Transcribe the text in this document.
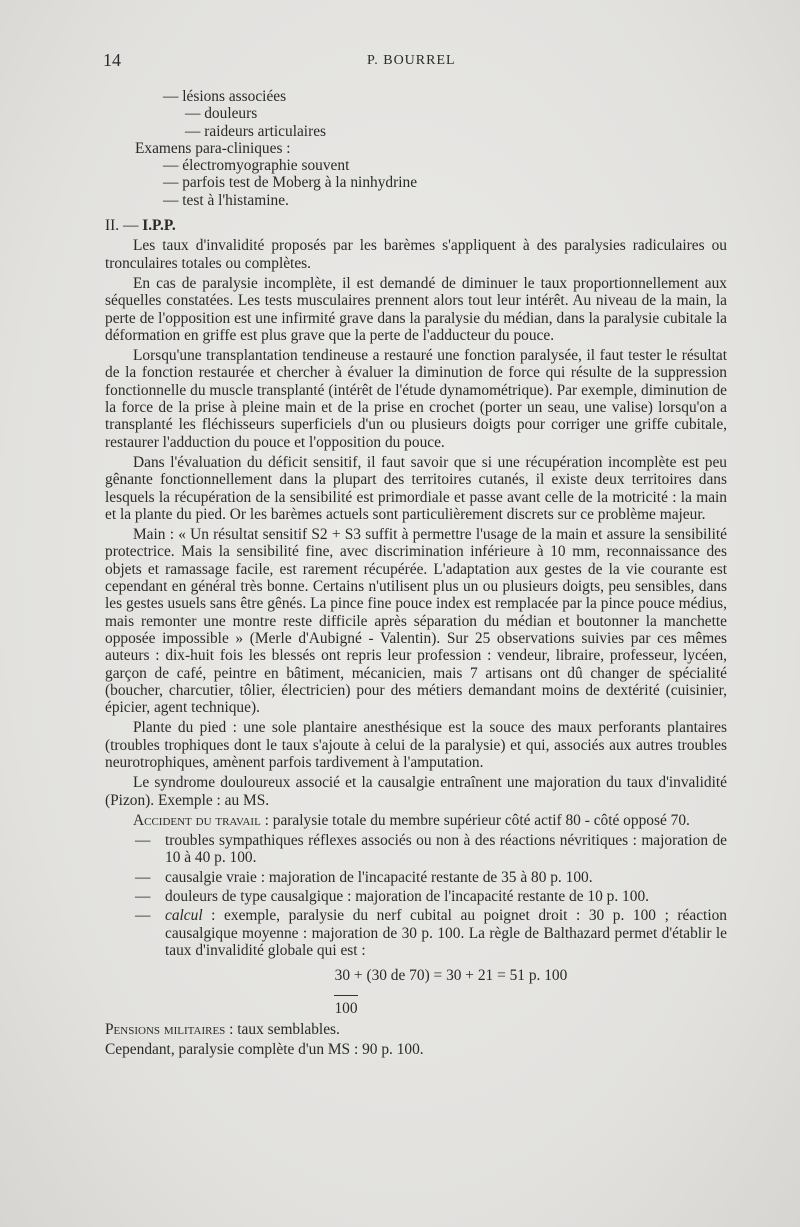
14	P. BOURREL
— lésions associées
— douleurs
— raideurs articulaires
Examens para-cliniques :
— électromyographie souvent
— parfois test de Moberg à la ninhydrine
— test à l'histamine.
II. — I.P.P.

Les taux d'invalidité proposés par les barèmes s'appliquent à des paralysies radiculaires ou tronculaires totales ou complètes.

En cas de paralysie incomplète, il est demandé de diminuer le taux proportionnellement aux séquelles constatées. Les tests musculaires prennent alors tout leur intérêt. Au niveau de la main, la perte de l'opposition est une infirmité grave dans la paralysie du médian, dans la paralysie cubitale la déformation en griffe est plus grave que la perte de l'adducteur du pouce.

Lorsqu'une transplantation tendineuse a restauré une fonction paralysée, il faut tester le résultat de la fonction restaurée et chercher à évaluer la diminution de force qui résulte de la suppression fonctionnelle du muscle transplanté (intérêt de l'étude dynamométrique). Par exemple, diminution de la force de la prise à pleine main et de la prise en crochet (porter un seau, une valise) lorsqu'on a transplanté les fléchisseurs superficiels d'un ou plusieurs doigts pour corriger une griffe cubitale, restaurer l'adduction du pouce et l'opposition du pouce.

Dans l'évaluation du déficit sensitif, il faut savoir que si une récupération incomplète est peu gênante fonctionnellement dans la plupart des territoires cutanés, il existe deux territoires dans lesquels la récupération de la sensibilité est primordiale et passe avant celle de la motricité : la main et la plante du pied. Or les barèmes actuels sont particulièrement discrets sur ce problème majeur.

Main : « Un résultat sensitif S2 + S3 suffit à permettre l'usage de la main et assure la sensibilité protectrice. Mais la sensibilité fine, avec discrimination inférieure à 10 mm, reconnaissance des objets et ramassage facile, est rarement récupérée. L'adaptation aux gestes de la vie courante est cependant en général très bonne. Certains n'utilisent plus un ou plusieurs doigts, peu sensibles, dans les gestes usuels sans être gênés. La pince fine pouce index est remplacée par la pince pouce médius, mais remonter une montre reste difficile après séparation du médian et boutonner la manchette opposée impossible » (Merle d'Aubigné - Valentin). Sur 25 observations suivies par ces mêmes auteurs : dix-huit fois les blessés ont repris leur profession : vendeur, libraire, professeur, lycéen, garçon de café, peintre en bâtiment, mécanicien, mais 7 artisans ont dû changer de spécialité (boucher, charcutier, tôlier, électricien) pour des métiers demandant moins de dextérité (cuisinier, épicier, agent technique).

Plante du pied : une sole plantaire anesthésique est la souce des maux perforants plantaires (troubles trophiques dont le taux s'ajoute à celui de la paralysie) et qui, associés aux autres troubles neurotrophiques, amènent parfois tardivement à l'amputation.

Le syndrome douloureux associé et la causalgie entraînent une majoration du taux d'invalidité (Pizon). Exemple : au MS.

Accident du travail : paralysie totale du membre supérieur côté actif 80 - côté opposé 70.

— troubles sympathiques réflexes associés ou non à des réactions névritiques : majoration de 10 à 40 p. 100.
— causalgie vraie : majoration de l'incapacité restante de 35 à 80 p. 100.
— douleurs de type causalgique : majoration de l'incapacité restante de 10 p. 100.
— calcul : exemple, paralysie du nerf cubital au poignet droit : 30 p. 100 ; réaction causalgique moyenne : majoration de 30 p. 100. La règle de Balthazard permet d'établir le taux d'invalidité globale qui est :
30 + (30 de 70) = 30 + 21 = 51 p. 100
100
Pensions militaires : taux semblables.
Cependant, paralysie complète d'un MS : 90 p. 100.
